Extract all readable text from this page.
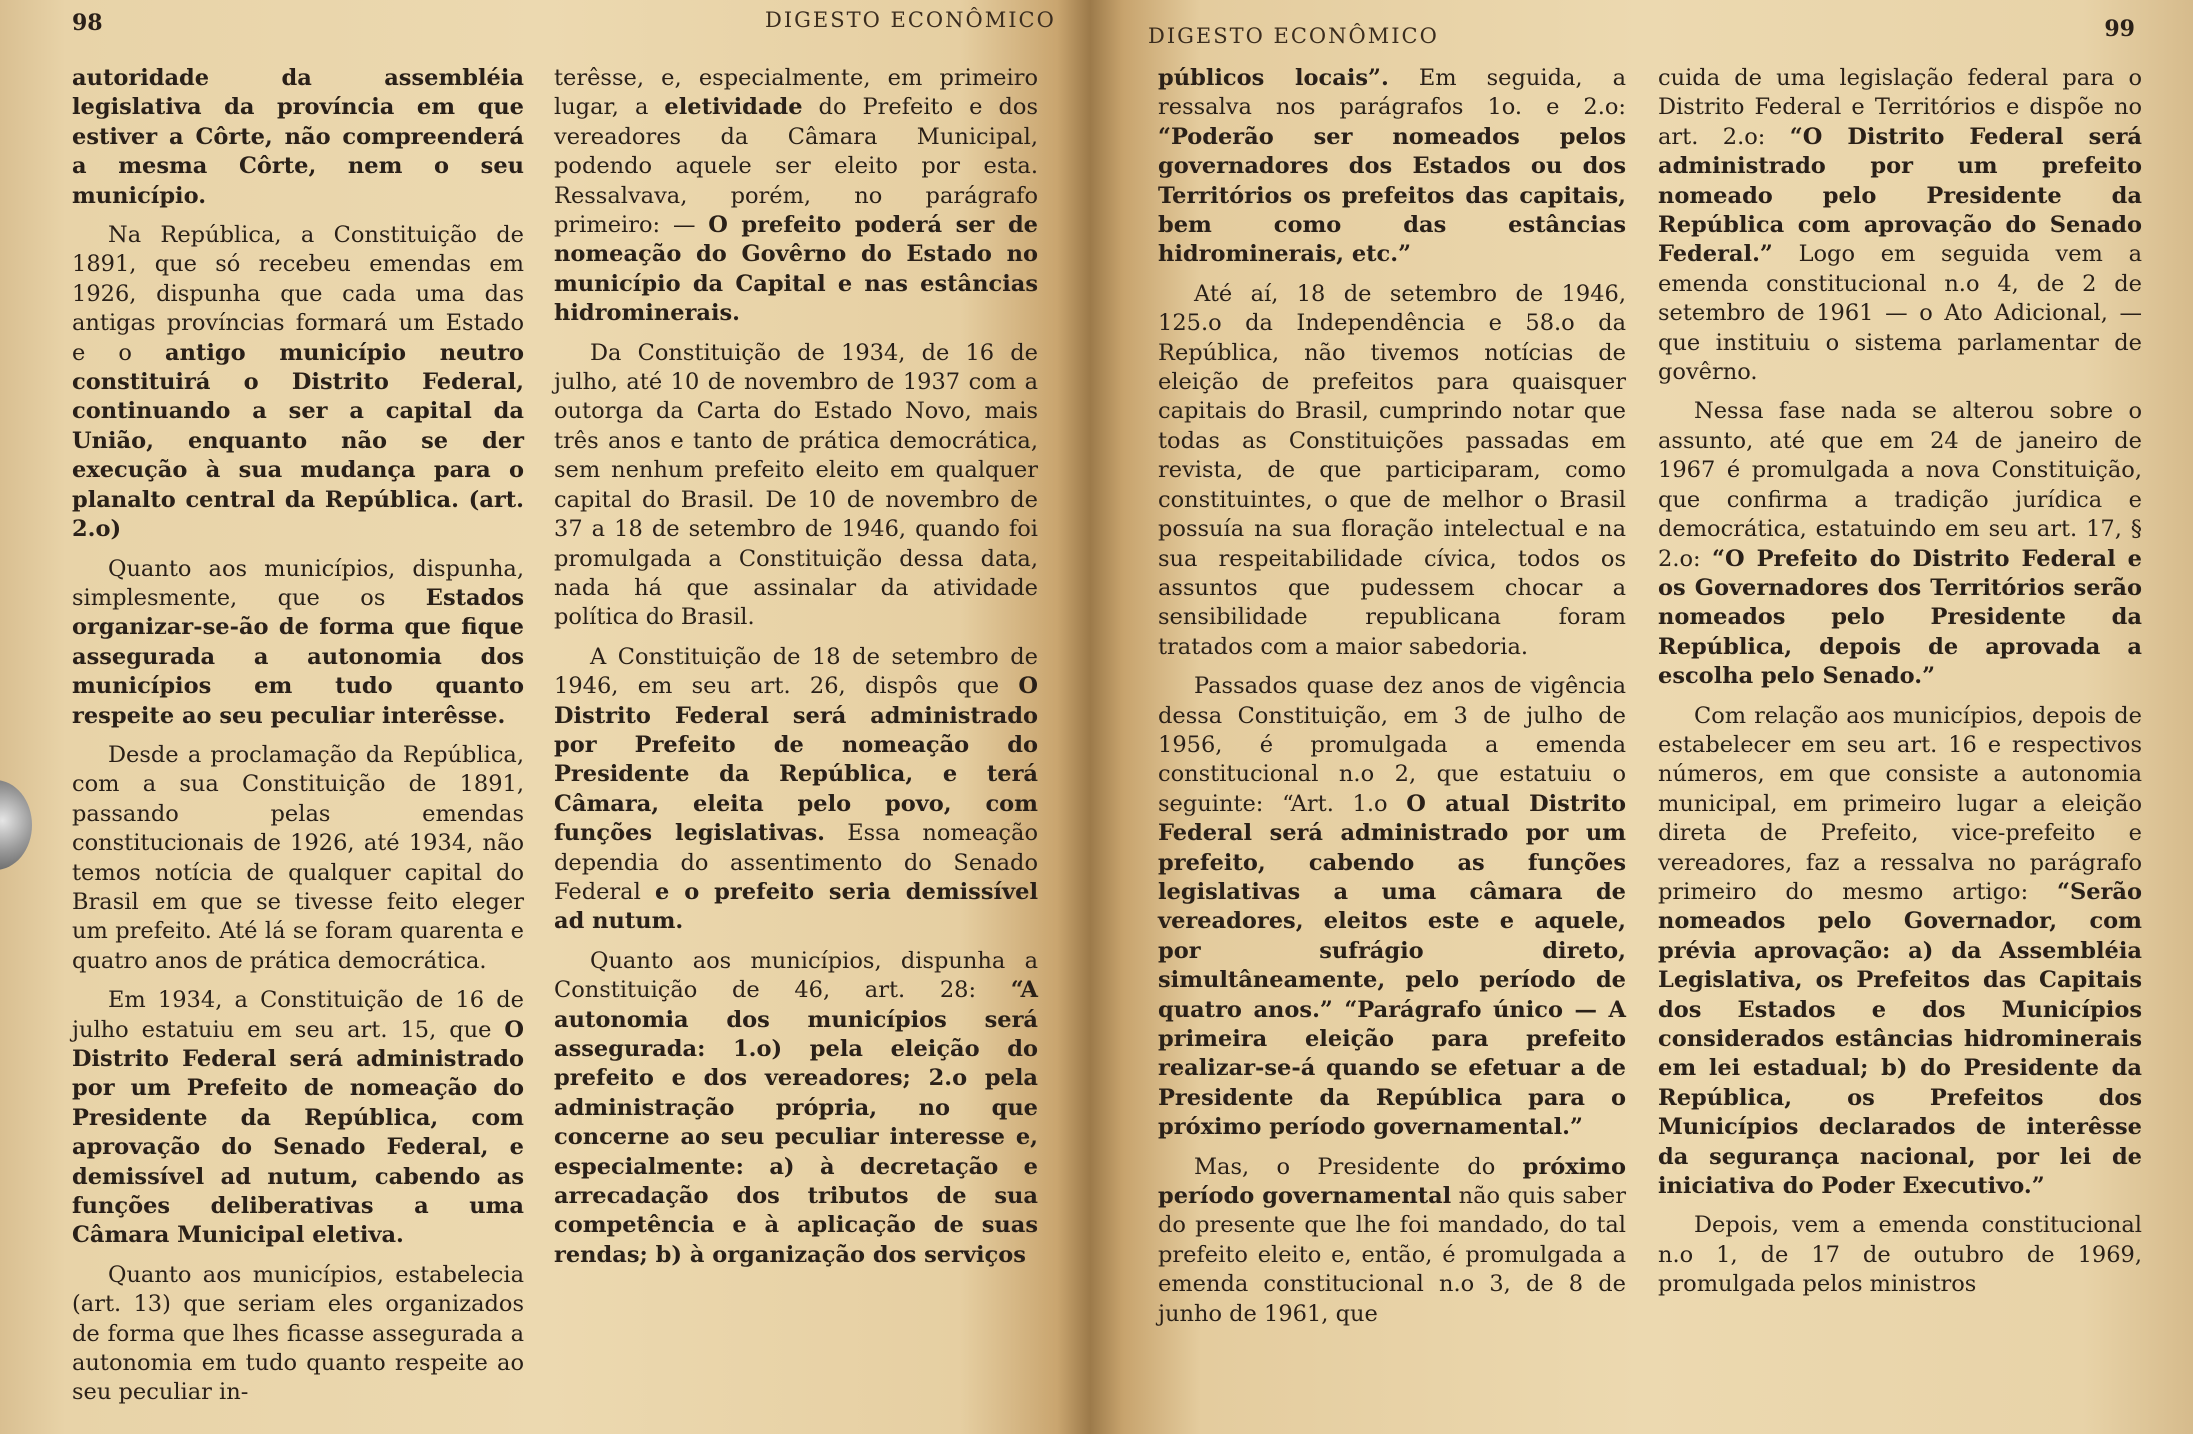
98	DIGESTO ECONÔMICO

autoridade da assembléia legislativa da província em que estiver a Côrte, não compreenderá a mesma Côrte, nem o seu município.

Na República, a Constituição de 1891, que só recebeu emendas em 1926, dispunha que cada uma das antigas províncias formará um Estado e o antigo município neutro constituirá o Distrito Federal, continuando a ser a capital da União, enquanto não se der execução à sua mudança para o planalto central da República. (art. 2.o)

Quanto aos municípios, dispunha, simplesmente, que os Estados organizar-se-ão de forma que fique assegurada a autonomia dos municípios em tudo quanto respeite ao seu peculiar interêsse.

Desde a proclamação da República, com a sua Constituição de 1891, passando pelas emendas constitucionais de 1926, até 1934, não temos notícia de qualquer capital do Brasil em que se tivesse feito eleger um prefeito. Até lá se foram quarenta e quatro anos de prática democrática.

Em 1934, a Constituição de 16 de julho estatuiu em seu art. 15, que O Distrito Federal será administrado por um Prefeito de nomeação do Presidente da República, com aprovação do Senado Federal, e demissível ad nutum, cabendo as funções deliberativas a uma Câmara Municipal eletiva.

Quanto aos municípios, estabelecia (art. 13) que seriam eles organizados de forma que lhes ficasse assegurada a autonomia em tudo quanto respeite ao seu peculiar in-

terêsse, e, especialmente, em primeiro lugar, a eletividade do Prefeito e dos vereadores da Câmara Municipal, podendo aquele ser eleito por esta. Ressalvava, porém, no parágrafo primeiro: — O prefeito poderá ser de nomeação do Govêrno do Estado no município da Capital e nas estâncias hidrominerais.

Da Constituição de 1934, de 16 de julho, até 10 de novembro de 1937 com a outorga da Carta do Estado Novo, mais três anos e tanto de prática democrática, sem nenhum prefeito eleito em qualquer capital do Brasil. De 10 de novembro de 37 a 18 de setembro de 1946, quando foi promulgada a Constituição dessa data, nada há que assinalar da atividade política do Brasil.

A Constituição de 18 de setembro de 1946, em seu art. 26, dispôs que O Distrito Federal será administrado por Prefeito de nomeação do Presidente da República, e terá Câmara, eleita pelo povo, com funções legislativas. Essa nomeação dependia do assentimento do Senado Federal e o prefeito seria demissível ad nutum.

Quanto aos municípios, dispunha a Constituição de 46, art. 28: “A autonomia dos municípios será assegurada: 1.o) pela eleição do prefeito e dos vereadores; 2.o pela administração própria, no que concerne ao seu peculiar interesse e, especialmente: a) à decretação e arrecadação dos tributos de sua competência e à aplicação de suas rendas; b) à organização dos serviços

DIGESTO ECONÔMICO	99

públicos locais”. Em seguida, a ressalva nos parágrafos 1o. e 2.o: “Poderão ser nomeados pelos governadores dos Estados ou dos Territórios os prefeitos das capitais, bem como das estâncias hidrominerais, etc.”

Até aí, 18 de setembro de 1946, 125.o da Independência e 58.o da República, não tivemos notícias de eleição de prefeitos para quaisquer capitais do Brasil, cumprindo notar que todas as Constituições passadas em revista, de que participaram, como constituintes, o que de melhor o Brasil possuía na sua floração intelectual e na sua respeitabilidade cívica, todos os assuntos que pudessem chocar a sensibilidade republicana foram tratados com a maior sabedoria.

Passados quase dez anos de vigência dessa Constituição, em 3 de julho de 1956, é promulgada a emenda constitucional n.o 2, que estatuiu o seguinte: “Art. 1.o O atual Distrito Federal será administrado por um prefeito, cabendo as funções legislativas a uma câmara de vereadores, eleitos este e aquele, por sufrágio direto, simultâneamente, pelo período de quatro anos.” “Parágrafo único — A primeira eleição para prefeito realizar-se-á quando se efetuar a de Presidente da República para o próximo período governamental.”

Mas, o Presidente do próximo período governamental não quis saber do presente que lhe foi mandado, do tal prefeito eleito e, então, é promulgada a emenda constitucional n.o 3, de 8 de junho de 1961, que

cuida de uma legislação federal para o Distrito Federal e Territórios e dispõe no art. 2.o: “O Distrito Federal será administrado por um prefeito nomeado pelo Presidente da República com aprovação do Senado Federal.” Logo em seguida vem a emenda constitucional n.o 4, de 2 de setembro de 1961 — o Ato Adicional, — que instituiu o sistema parlamentar de govêrno.

Nessa fase nada se alterou sobre o assunto, até que em 24 de janeiro de 1967 é promulgada a nova Constituição, que confirma a tradição jurídica e democrática, estatuindo em seu art. 17, § 2.o: “O Prefeito do Distrito Federal e os Governadores dos Territórios serão nomeados pelo Presidente da República, depois de aprovada a escolha pelo Senado.”

Com relação aos municípios, depois de estabelecer em seu art. 16 e respectivos números, em que consiste a autonomia municipal, em primeiro lugar a eleição direta de Prefeito, vice-prefeito e vereadores, faz a ressalva no parágrafo primeiro do mesmo artigo: “Serão nomeados pelo Governador, com prévia aprovação: a) da Assembléia Legislativa, os Prefeitos das Capitais dos Estados e dos Municípios considerados estâncias hidrominerais em lei estadual; b) do Presidente da República, os Prefeitos dos Municípios declarados de interêsse da segurança nacional, por lei de iniciativa do Poder Executivo.”

Depois, vem a emenda constitucional n.o 1, de 17 de outubro de 1969, promulgada pelos ministros
